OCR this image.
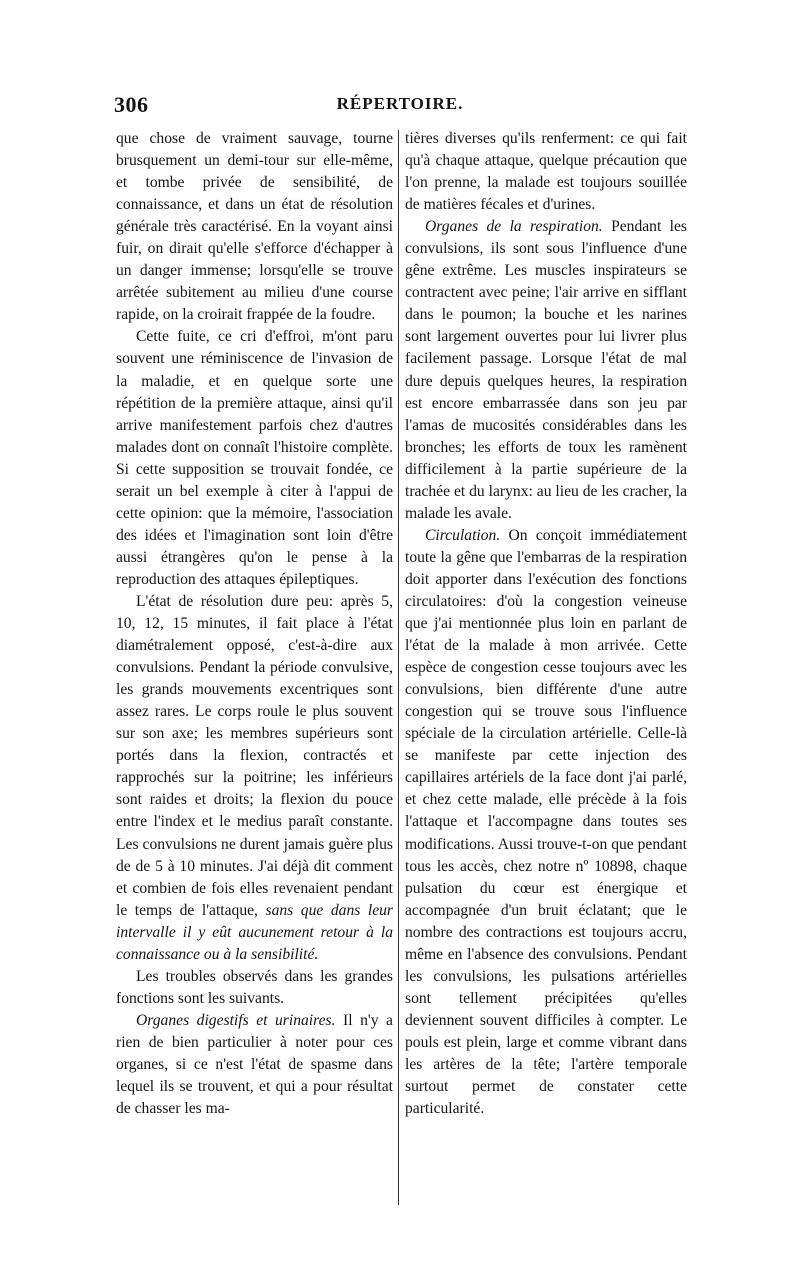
306	RÉPERTOIRE.

que chose de vraiment sauvage, tourne brusquement un demi-tour sur elle-même, et tombe privée de sensibilité, de connaissance, et dans un état de résolution générale très caractérisé. En la voyant ainsi fuir, on dirait qu'elle s'efforce d'échapper à un danger immense; lorsqu'elle se trouve arrêtée subitement au milieu d'une course rapide, on la croirait frappée de la foudre.

Cette fuite, ce cri d'effroi, m'ont paru souvent une réminiscence de l'invasion de la maladie, et en quelque sorte une répétition de la première attaque, ainsi qu'il arrive manifestement parfois chez d'autres malades dont on connaît l'histoire complète. Si cette supposition se trouvait fondée, ce serait un bel exemple à citer à l'appui de cette opinion: que la mémoire, l'association des idées et l'imagination sont loin d'être aussi étrangères qu'on le pense à la reproduction des attaques épileptiques.

L'état de résolution dure peu: après 5, 10, 12, 15 minutes, il fait place à l'état diamétralement opposé, c'est-à-dire aux convulsions. Pendant la période convulsive, les grands mouvements excentriques sont assez rares. Le corps roule le plus souvent sur son axe; les membres supérieurs sont portés dans la flexion, contractés et rapprochés sur la poitrine; les inférieurs sont raides et droits; la flexion du pouce entre l'index et le medius paraît constante. Les convulsions ne durent jamais guère plus de de 5 à 10 minutes. J'ai déjà dit comment et combien de fois elles revenaient pendant le temps de l'attaque, sans que dans leur intervalle il y eût aucunement retour à la connaissance ou à la sensibilité.

Les troubles observés dans les grandes fonctions sont les suivants.

Organes digestifs et urinaires. Il n'y a rien de bien particulier à noter pour ces organes, si ce n'est l'état de spasme dans lequel ils se trouvent, et qui a pour résultat de chasser les ma-

tières diverses qu'ils renferment: ce qui fait qu'à chaque attaque, quelque précaution que l'on prenne, la malade est toujours souillée de matières fécales et d'urines.

Organes de la respiration. Pendant les convulsions, ils sont sous l'influence d'une gêne extrême. Les muscles inspirateurs se contractent avec peine; l'air arrive en sifflant dans le poumon; la bouche et les narines sont largement ouvertes pour lui livrer plus facilement passage. Lorsque l'état de mal dure depuis quelques heures, la respiration est encore embarrassée dans son jeu par l'amas de mucosités considérables dans les bronches; les efforts de toux les ramènent difficilement à la partie supérieure de la trachée et du larynx: au lieu de les cracher, la malade les avale.

Circulation. On conçoit immédiatement toute la gêne que l'embarras de la respiration doit apporter dans l'exécution des fonctions circulatoires: d'où la congestion veineuse que j'ai mentionnée plus loin en parlant de l'état de la malade à mon arrivée. Cette espèce de congestion cesse toujours avec les convulsions, bien différente d'une autre congestion qui se trouve sous l'influence spéciale de la circulation artérielle. Celle-là se manifeste par cette injection des capillaires artériels de la face dont j'ai parlé, et chez cette malade, elle précède à la fois l'attaque et l'accompagne dans toutes ses modifications. Aussi trouve-t-on que pendant tous les accès, chez notre nº 10898, chaque pulsation du cœur est énergique et accompagnée d'un bruit éclatant; que le nombre des contractions est toujours accru, même en l'absence des convulsions. Pendant les convulsions, les pulsations artérielles sont tellement précipitées qu'elles deviennent souvent difficiles à compter. Le pouls est plein, large et comme vibrant dans les artères de la tête; l'artère temporale surtout permet de constater cette particularité.
